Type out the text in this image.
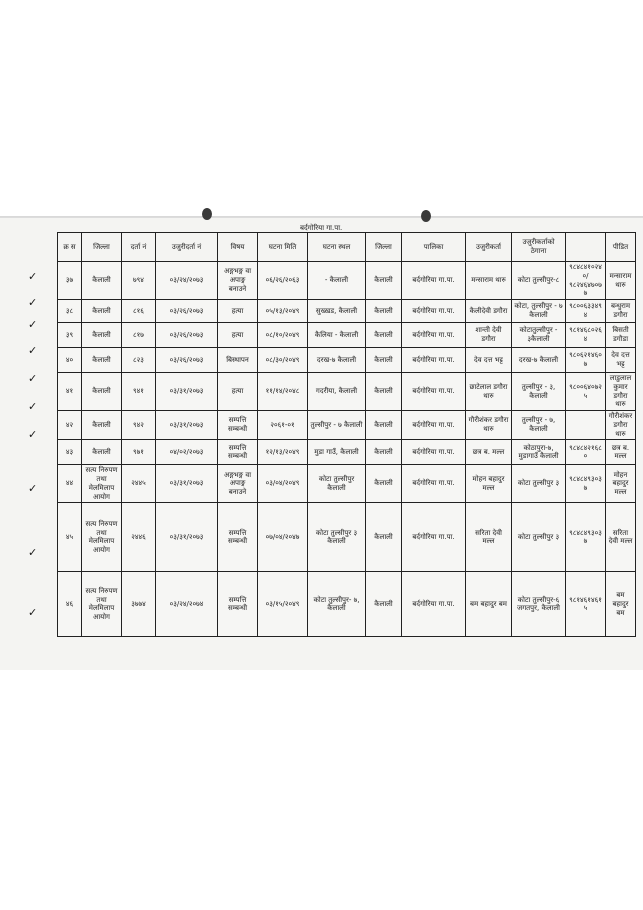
बर्दगोरिया गा.पा.
क्र स	जिल्ला	दर्ता नं	उजुरीदर्ता नं	विषय	घटना मिति	घटना स्थल	जिल्ला	पालिका	उजुरीकर्ता	उजुरीकर्ताको ठेगाना		पीडित
३७	कैलाली	७९४	०३/२४/२०७३	अङ्गभङ्ग वा अपाङ्ग बनाउने	०६/२६/२०६३	- कैलाली	कैलाली	बर्दगोरिया गा.पा.	मन्साराम थारु	कोटा तुल्सीपुर-८	९८४८४१०२४०/ ९८२४६४७०७७	मन्साराम थारु
३८	कैलाली	८१६	०३/२६/२०७३	हत्या	०५/१३/२०४९	सुख्खड, कैलाली	कैलाली	बर्दगोरिया गा.पा.	कैलीदेवी डगौरा	कोटा, तुल्सीपुर - ७ कैलाली	९८००६३३४९४	बन्धुराम डगौरा
३९	कैलाली	८१७	०३/२६/२०७३	हत्या	०८/१०/२०४९	कैलिया - कैलाली	कैलाली	बर्दगोरिया गा.पा.	शान्ती देवी डगौरा	कोटातुल्सीपुर - ३कैलाली	९८१४६८०२६४	बिसती डगौडा
४०	कैलाली	८२३	०३/२६/२०७३	बिस्थापन	०८/३०/२०४९	दरख-७ कैलाली	कैलाली	बर्दगोरिया गा.पा.	देव दत्त भट्ट	दरख-७ कैलाली	९८०६२१४६०७	देव दत्त भट्ट
४१	कैलाली	९४१	०३/३१/२०७३	हत्या	११/१४/२०४८	गदरीया, कैलाली	कैलाली	बर्दगोरिया गा.पा.	छाटेलाल डगौरा थारु	तुल्सीपुर - ३, कैलाली	९८००६४०७२५	लाडुलाल कुमार डगौरा थारु
४२	कैलाली	९४२	०३/३१/२०७३	सम्पत्ति सम्बन्धी	२०६१-०१	तुल्सीपुर - ७ कैलाली	कैलाली	बर्दगोरिया गा.पा.	गौरीशंकर डगौरा थारु	तुल्सीपुर - ७, कैलाली		गौरीशंकर डगौरा थारु
४३	कैलाली	९७१	०४/०२/२०७३	सम्पत्ति सम्बन्धी	१२/१३/२०४९	मुडा गाउँ, कैलाली	कैलाली	बर्दगोरिया गा.पा.	छत्र ब. मल्ल	कोठापुरा-७, मुडागाउँ कैलाली	९८४८४२१६८०	छत्र ब. मल्ल
४४	सत्य निरुपण तथा मेलमिलाप आयोग	२४४५	०३/३१/२०७३	अङ्गभङ्ग वा अपाङ्ग बनाउने	०३/०४/२०४९	कोटा तुल्सीपुर कैलाली	कैलाली	बर्दगोरिया गा.पा.	मोहन बहादुर मल्ल	कोटा तुल्सीपुर ३	९८४८४९३०३७	मोहन बहादुर मल्ल
४५	सत्य निरुपण तथा मेलमिलाप आयोग	२४४६	०३/३१/२०७३	सम्पत्ति सम्बन्धी	०७/०४/२०४७	कोटा तुल्सीपुर ३ कैलाली	कैलाली	बर्दगोरिया गा.पा.	सरिता देवी मल्ल	कोटा तुल्सीपुर ३	९८४८४९३०३७	सरिता देवी मल्ल
४६	सत्य निरुपण तथा मेलमिलाप आयोग	३७७४	०३/२४/२०७४	सम्पत्ति सम्बन्धी	०३/१५/२०४९	कोटा तुल्सीपुर- ७, कैलाली	कैलाली	बर्दगोरिया गा.पा.	बम बहादुर बम	कोटा तुल्सीपुर-६ जगतपुर, कैलाली	९८१४६१४६१५	बम बहादुर बम
✓
✓
✓
✓
✓
✓
✓
✓
✓
✓
